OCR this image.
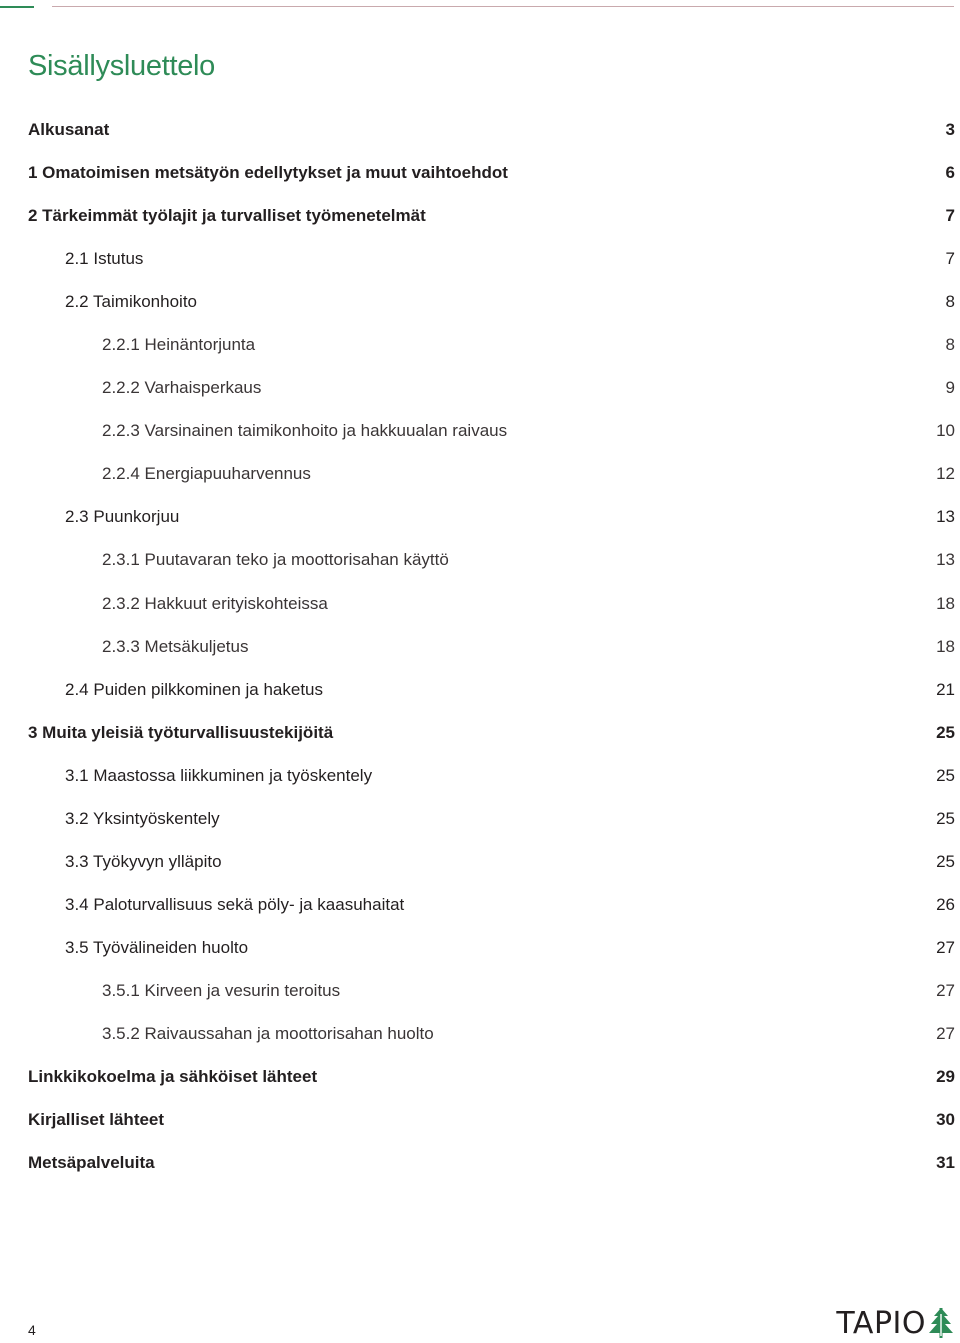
Sisällysluettelo
Alkusanat	3
1 Omatoimisen metsätyön edellytykset ja muut vaihtoehdot	6
2 Tärkeimmät työlajit ja turvalliset työmenetelmät	7
2.1 Istutus	7
2.2 Taimikonhoito	8
2.2.1 Heinäntorjunta	8
2.2.2 Varhaisperkaus	9
2.2.3 Varsinainen taimikonhoito ja hakkuualan raivaus	10
2.2.4 Energiapuuharvennus	12
2.3 Puunkorjuu	13
2.3.1 Puutavaran teko ja moottorisahan käyttö	13
2.3.2 Hakkuut erityiskohteissa	18
2.3.3 Metsäkuljetus	18
2.4 Puiden pilkkominen ja haketus	21
3 Muita yleisiä työturvallisuustekijöitä	25
3.1 Maastossa liikkuminen ja työskentely	25
3.2 Yksintyöskentely	25
3.3 Työkyvyn ylläpito	25
3.4 Paloturvallisuus sekä pöly- ja kaasuhaitat	26
3.5 Työvälineiden huolto	27
3.5.1 Kirveen ja vesurin teroitus	27
3.5.2 Raivaussahan ja moottorisahan huolto	27
Linkkikokoelma ja sähköiset lähteet	29
Kirjalliset lähteet	30
Metsäpalveluita	31
4	TAPIO
